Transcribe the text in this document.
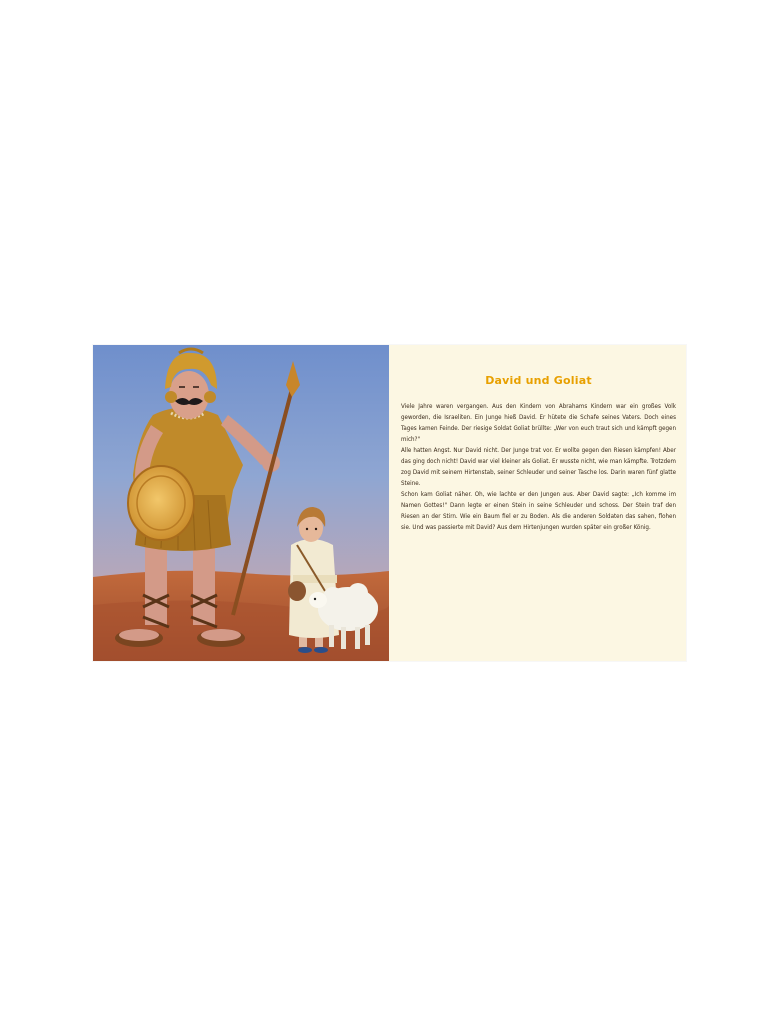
David und Goliat

Viele Jahre waren vergangen. Aus den Kindern von Abrahams Kindern war ein großes Volk geworden, die Israeliten. Ein Junge hieß David. Er hütete die Schafe seines Vaters. Doch eines Tages kamen Feinde. Der riesige Soldat Goliat brüllte: „Wer von euch traut sich und kämpft gegen mich?"

Alle hatten Angst. Nur David nicht. Der Junge trat vor. Er wollte gegen den Riesen kämpfen! Aber das ging doch nicht! David war viel kleiner als Goliat. Er wusste nicht, wie man kämpfte. Trotzdem zog David mit seinem Hirtenstab, seiner Schleuder und seiner Tasche los. Darin waren fünf glatte Steine.

Schon kam Goliat näher. Oh, wie lachte er den Jungen aus. Aber David sagte: „Ich komme im Namen Gottes!" Dann legte er einen Stein in seine Schleuder und schoss. Der Stein traf den Riesen an der Stirn. Wie ein Baum fiel er zu Boden. Als die anderen Soldaten das sahen, flohen sie. Und was passierte mit David? Aus dem Hirtenjungen wurden später ein großer König.
